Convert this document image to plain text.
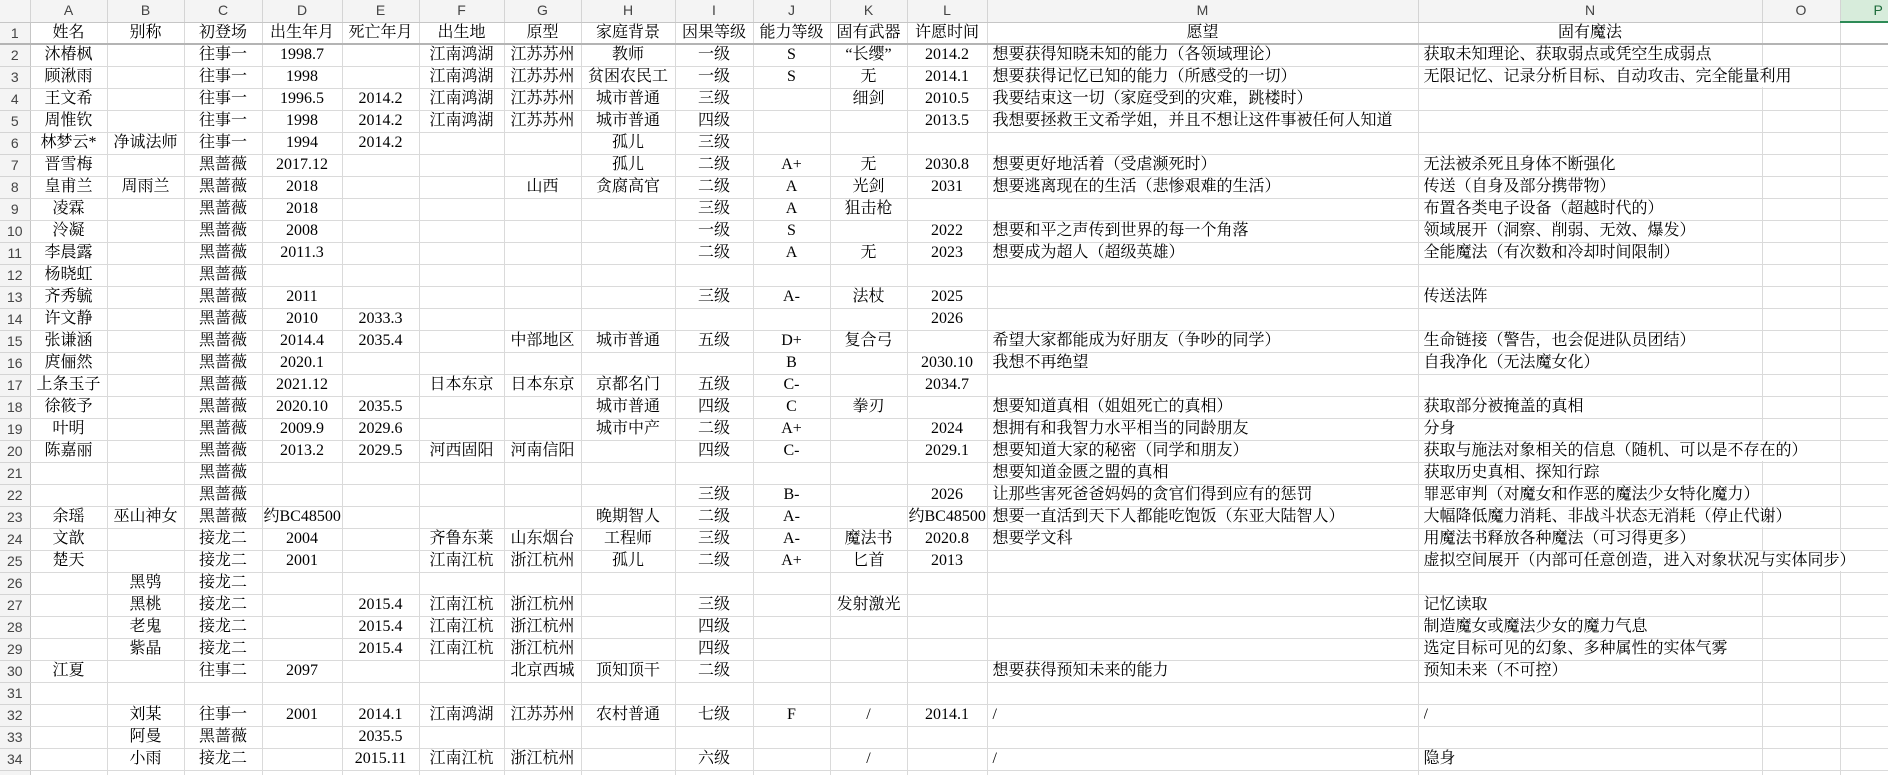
	A	B	C	D	E	F	G	H	I	J	K	L	M	N	O	P
1	姓名	别称	初登场	出生年月	死亡年月	出生地	原型	家庭背景	因果等级	能力等级	固有武器	许愿时间	愿望	固有魔法		
2	沐椿枫		往事一	1998.7		江南鸿湖	江苏苏州	教师	一级	S	“长缨”	2014.2	想要获得知晓未知的能力（各领域理论）	获取未知理论、获取弱点或凭空生成弱点		
3	顾湫雨		往事一	1998		江南鸿湖	江苏苏州	贫困农民工	一级	S	无	2014.1	想要获得记忆已知的能力（所感受的一切）	无限记忆、记录分析目标、自动攻击、完全能量利用		
4	王文希		往事一	1996.5	2014.2	江南鸿湖	江苏苏州	城市普通	三级		细剑	2010.5	我要结束这一切（家庭受到的灾难，跳楼时）			
5	周惟钦		往事一	1998	2014.2	江南鸿湖	江苏苏州	城市普通	四级			2013.5	我想要拯救王文希学姐，并且不想让这件事被任何人知道			
6	林梦云*	净诚法师	往事一	1994	2014.2			孤儿	三级							
7	晋雪梅		黑蔷薇	2017.12				孤儿	二级	A+	无	2030.8	想要更好地活着（受虐濒死时）	无法被杀死且身体不断强化		
8	皇甫兰	周雨兰	黑蔷薇	2018			山西	贪腐高官	二级	A	光剑	2031	想要逃离现在的生活（悲惨艰难的生活）	传送（自身及部分携带物）		
9	凌霖		黑蔷薇	2018					三级	A	狙击枪			布置各类电子设备（超越时代的）		
10	泠凝		黑蔷薇	2008					一级	S		2022	想要和平之声传到世界的每一个角落	领域展开（洞察、削弱、无效、爆发）		
11	李晨露		黑蔷薇	2011.3					二级	A	无	2023	想要成为超人（超级英雄）	全能魔法（有次数和冷却时间限制）		
12	杨晓虹		黑蔷薇													
13	齐秀毓		黑蔷薇	2011					三级	A-	法杖	2025		传送法阵		
14	许文静		黑蔷薇	2010	2033.3							2026				
15	张谦涵		黑蔷薇	2014.4	2035.4		中部地区	城市普通	五级	D+	复合弓		希望大家都能成为好朋友（争吵的同学）	生命链接（警告，也会促进队员团结）		
16	庹俪然		黑蔷薇	2020.1						B		2030.10	我想不再绝望	自我净化（无法魔女化）		
17	上条玉子		黑蔷薇	2021.12		日本东京	日本东京	京都名门	五级	C-		2034.7				
18	徐筱予		黑蔷薇	2020.10	2035.5			城市普通	四级	C	拳刃		想要知道真相（姐姐死亡的真相）	获取部分被掩盖的真相		
19	叶明		黑蔷薇	2009.9	2029.6			城市中产	二级	A+		2024	想拥有和我智力水平相当的同龄朋友	分身		
20	陈嘉丽		黑蔷薇	2013.2	2029.5	河西固阳	河南信阳		四级	C-		2029.1	想要知道大家的秘密（同学和朋友）	获取与施法对象相关的信息（随机、可以是不存在的）		
21			黑蔷薇										想要知道金匮之盟的真相	获取历史真相、探知行踪		
22			黑蔷薇						三级	B-		2026	让那些害死爸爸妈妈的贪官们得到应有的惩罚	罪恶审判（对魔女和作恶的魔法少女特化魔力）		
23	余瑶	巫山神女	黑蔷薇	约BC48500				晚期智人	二级	A-		约BC48500	想要一直活到天下人都能吃饱饭（东亚大陆智人）	大幅降低魔力消耗、非战斗状态无消耗（停止代谢）		
24	文歆		接龙二	2004		齐鲁东莱	山东烟台	工程师	三级	A-	魔法书	2020.8	想要学文科	用魔法书释放各种魔法（可习得更多）		
25	楚天		接龙二	2001		江南江杭	浙江杭州	孤儿	二级	A+	匕首	2013		虚拟空间展开（内部可任意创造，进入对象状况与实体同步）		
26		黑鸮	接龙二													
27		黑桃	接龙二		2015.4	江南江杭	浙江杭州		三级		发射激光			记忆读取		
28		老鬼	接龙二		2015.4	江南江杭	浙江杭州		四级					制造魔女或魔法少女的魔力气息		
29		紫晶	接龙二		2015.4	江南江杭	浙江杭州		四级					选定目标可见的幻象、多种属性的实体气雾		
30	江夏		往事二	2097			北京西城	顶知顶干	二级				想要获得预知未来的能力	预知未来（不可控）		
31																
32		刘某	往事一	2001	2014.1	江南鸿湖	江苏苏州	农村普通	七级	F	/	2014.1	/	/		
33		阿曼	黑蔷薇		2035.5											
34		小雨	接龙二		2015.11	江南江杭	浙江杭州		六级		/		/	隐身		
